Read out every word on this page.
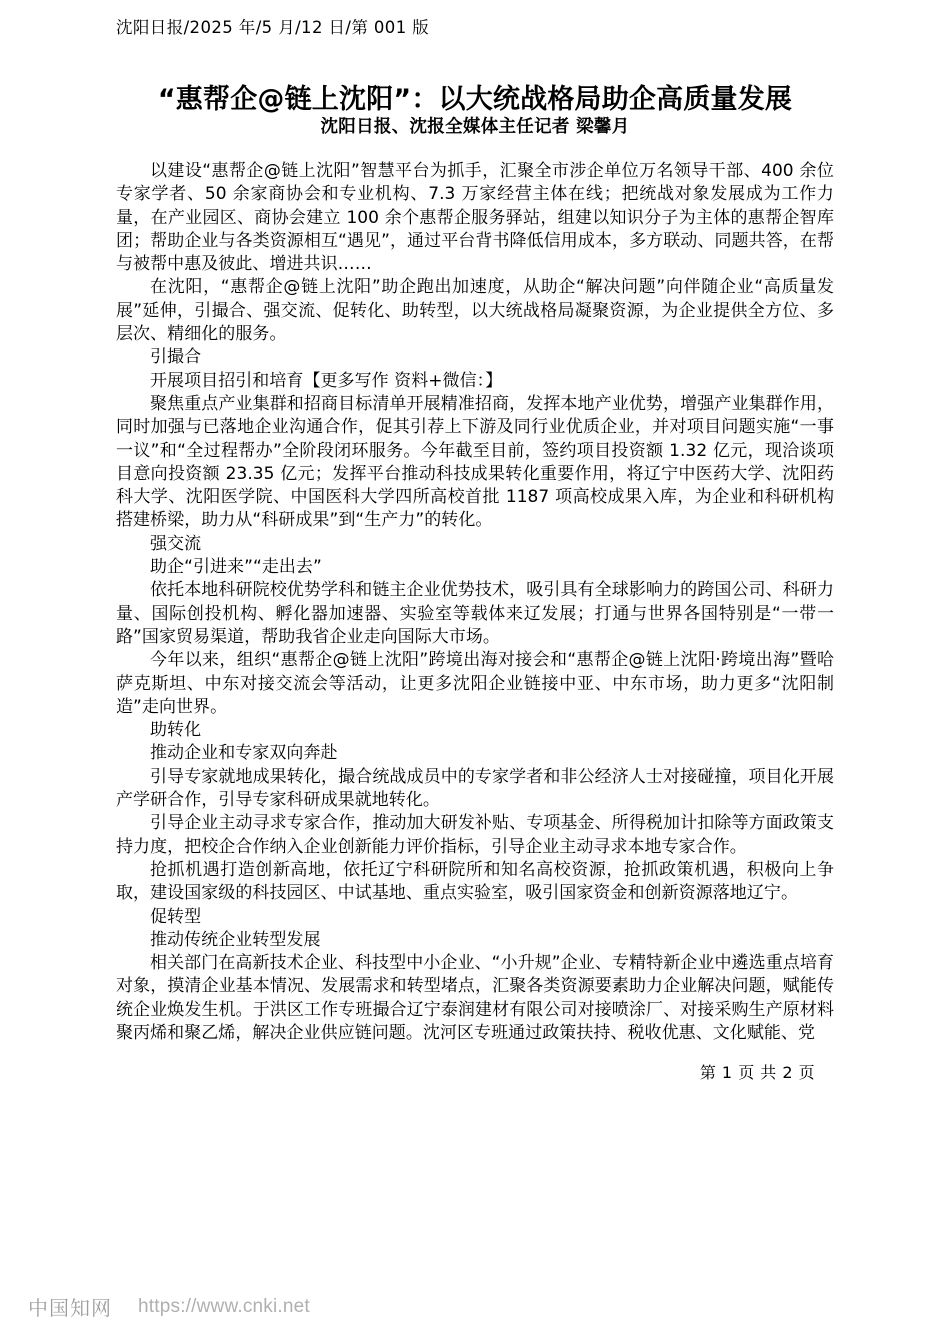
沈阳日报/2025 年/5 月/12 日/第 001 版
“惠帮企@链上沈阳”：以大统战格局助企高质量发展
沈阳日报、沈报全媒体主任记者 梁馨月

以建设“惠帮企@链上沈阳”智慧平台为抓手，汇聚全市涉企单位万名领导干部、400 余位专家学者、50 余家商协会和专业机构、7.3 万家经营主体在线；把统战对象发展成为工作力量，在产业园区、商协会建立 100 余个惠帮企服务驿站，组建以知识分子为主体的惠帮企智库团；帮助企业与各类资源相互“遇见”，通过平台背书降低信用成本，多方联动、同题共答，在帮与被帮中惠及彼此、增进共识……

在沈阳，“惠帮企@链上沈阳”助企跑出加速度，从助企“解决问题”向伴随企业“高质量发展”延伸，引撮合、强交流、促转化、助转型，以大统战格局凝聚资源，为企业提供全方位、多层次、精细化的服务。

引撮合

开展项目招引和培育【更多写作 资料+微信：】

聚焦重点产业集群和招商目标清单开展精准招商，发挥本地产业优势，增强产业集群作用，同时加强与已落地企业沟通合作，促其引荐上下游及同行业优质企业，并对项目问题实施“一事一议”和“全过程帮办”全阶段闭环服务。今年截至目前，签约项目投资额 1.32 亿元，现洽谈项目意向投资额 23.35 亿元；发挥平台推动科技成果转化重要作用，将辽宁中医药大学、沈阳药科大学、沈阳医学院、中国医科大学四所高校首批 1187 项高校成果入库，为企业和科研机构搭建桥梁，助力从“科研成果”到“生产力”的转化。

强交流

助企“引进来”“走出去”

依托本地科研院校优势学科和链主企业优势技术，吸引具有全球影响力的跨国公司、科研力量、国际创投机构、孵化器加速器、实验室等载体来辽发展；打通与世界各国特别是“一带一路”国家贸易渠道，帮助我省企业走向国际大市场。

今年以来，组织“惠帮企@链上沈阳”跨境出海对接会和“惠帮企@链上沈阳·跨境出海”暨哈萨克斯坦、中东对接交流会等活动，让更多沈阳企业链接中亚、中东市场，助力更多“沈阳制造”走向世界。

助转化

推动企业和专家双向奔赴

引导专家就地成果转化，撮合统战成员中的专家学者和非公经济人士对接碰撞，项目化开展产学研合作，引导专家科研成果就地转化。

引导企业主动寻求专家合作，推动加大研发补贴、专项基金、所得税加计扣除等方面政策支持力度，把校企合作纳入企业创新能力评价指标，引导企业主动寻求本地专家合作。

抢抓机遇打造创新高地，依托辽宁科研院所和知名高校资源，抢抓政策机遇，积极向上争取，建设国家级的科技园区、中试基地、重点实验室，吸引国家资金和创新资源落地辽宁。

促转型

推动传统企业转型发展

相关部门在高新技术企业、科技型中小企业、“小升规”企业、专精特新企业中遴选重点培育对象，摸清企业基本情况、发展需求和转型堵点，汇聚各类资源要素助力企业解决问题，赋能传统企业焕发生机。于洪区工作专班撮合辽宁泰润建材有限公司对接喷涂厂、对接采购生产原材料聚丙烯和聚乙烯，解决企业供应链问题。沈河区专班通过政策扶持、税收优惠、文化赋能、党

第 1 页 共 2 页
中国知网 https://www.cnki.net
